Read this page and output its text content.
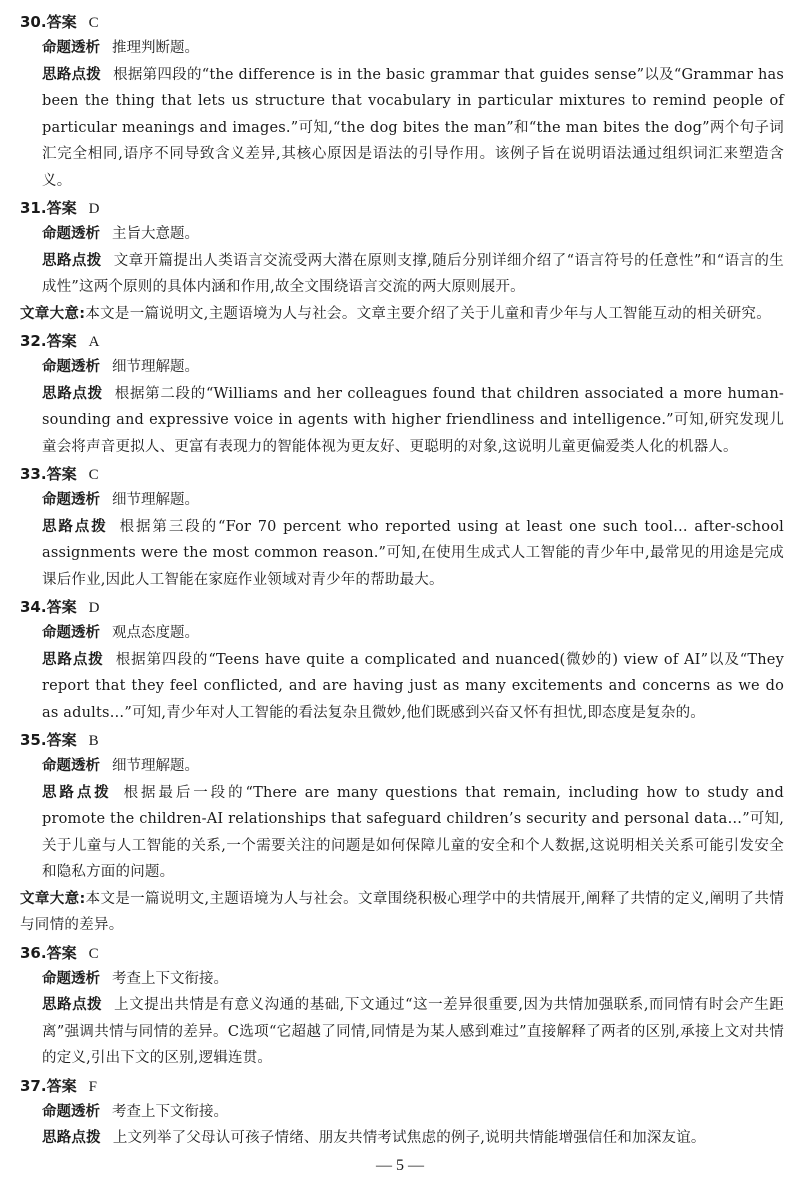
30.答案 C
命题透析 推理判断题。
思路点拨 根据第四段的“the difference is in the basic grammar that guides sense”以及“Grammar has been the thing that lets us structure that vocabulary in particular mixtures to remind people of particular meanings and images.”可知,“the dog bites the man”和“the man bites the dog”两个句子词汇完全相同,语序不同导致含义差异,其核心原因是语法的引导作用。该例子旨在说明语法通过组织词汇来塑造含义。
31.答案 D
命题透析 主旨大意题。
思路点拨 文章开篇提出人类语言交流受两大潜在原则支撑,随后分别详细介绍了“语言符号的任意性”和“语言的生成性”这两个原则的具体内涵和作用,故全文围绕语言交流的两大原则展开。
文章大意:本文是一篇说明文,主题语境为人与社会。文章主要介绍了关于儿童和青少年与人工智能互动的相关研究。
32.答案 A
命题透析 细节理解题。
思路点拨 根据第二段的“Williams and her colleagues found that children associated a more human-sounding and expressive voice in agents with higher friendliness and intelligence.”可知,研究发现儿童会将声音更拟人、更富有表现力的智能体视为更友好、更聪明的对象,这说明儿童更偏爱类人化的机器人。
33.答案 C
命题透析 细节理解题。
思路点拨 根据第三段的“For 70 percent who reported using at least one such tool… after-school assignments were the most common reason.”可知,在使用生成式人工智能的青少年中,最常见的用途是完成课后作业,因此人工智能在家庭作业领域对青少年的帮助最大。
34.答案 D
命题透析 观点态度题。
思路点拨 根据第四段的“Teens have quite a complicated and nuanced(微妙的) view of AI”以及“They report that they feel conflicted, and are having just as many excitements and concerns as we do as adults…”可知,青少年对人工智能的看法复杂且微妙,他们既感到兴奋又怀有担忧,即态度是复杂的。
35.答案 B
命题透析 细节理解题。
思路点拨 根据最后一段的“There are many questions that remain, including how to study and promote the children-AI relationships that safeguard children’s security and personal data…”可知,关于儿童与人工智能的关系,一个需要关注的问题是如何保障儿童的安全和个人数据,这说明相关关系可能引发安全和隐私方面的问题。
文章大意:本文是一篇说明文,主题语境为人与社会。文章围绕积极心理学中的共情展开,阐释了共情的定义,阐明了共情与同情的差异。
36.答案 C
命题透析 考查上下文衔接。
思路点拨 上文提出共情是有意义沟通的基础,下文通过“这一差异很重要,因为共情加强联系,而同情有时会产生距离”强调共情与同情的差异。C选项“它超越了同情,同情是为某人感到难过”直接解释了两者的区别,承接上文对共情的定义,引出下文的区别,逻辑连贯。
37.答案 F
命题透析 考查上下文衔接。
思路点拨 上文列举了父母认可孩子情绪、朋友共情考试焦虑的例子,说明共情能增强信任和加深友谊。
— 5 —
